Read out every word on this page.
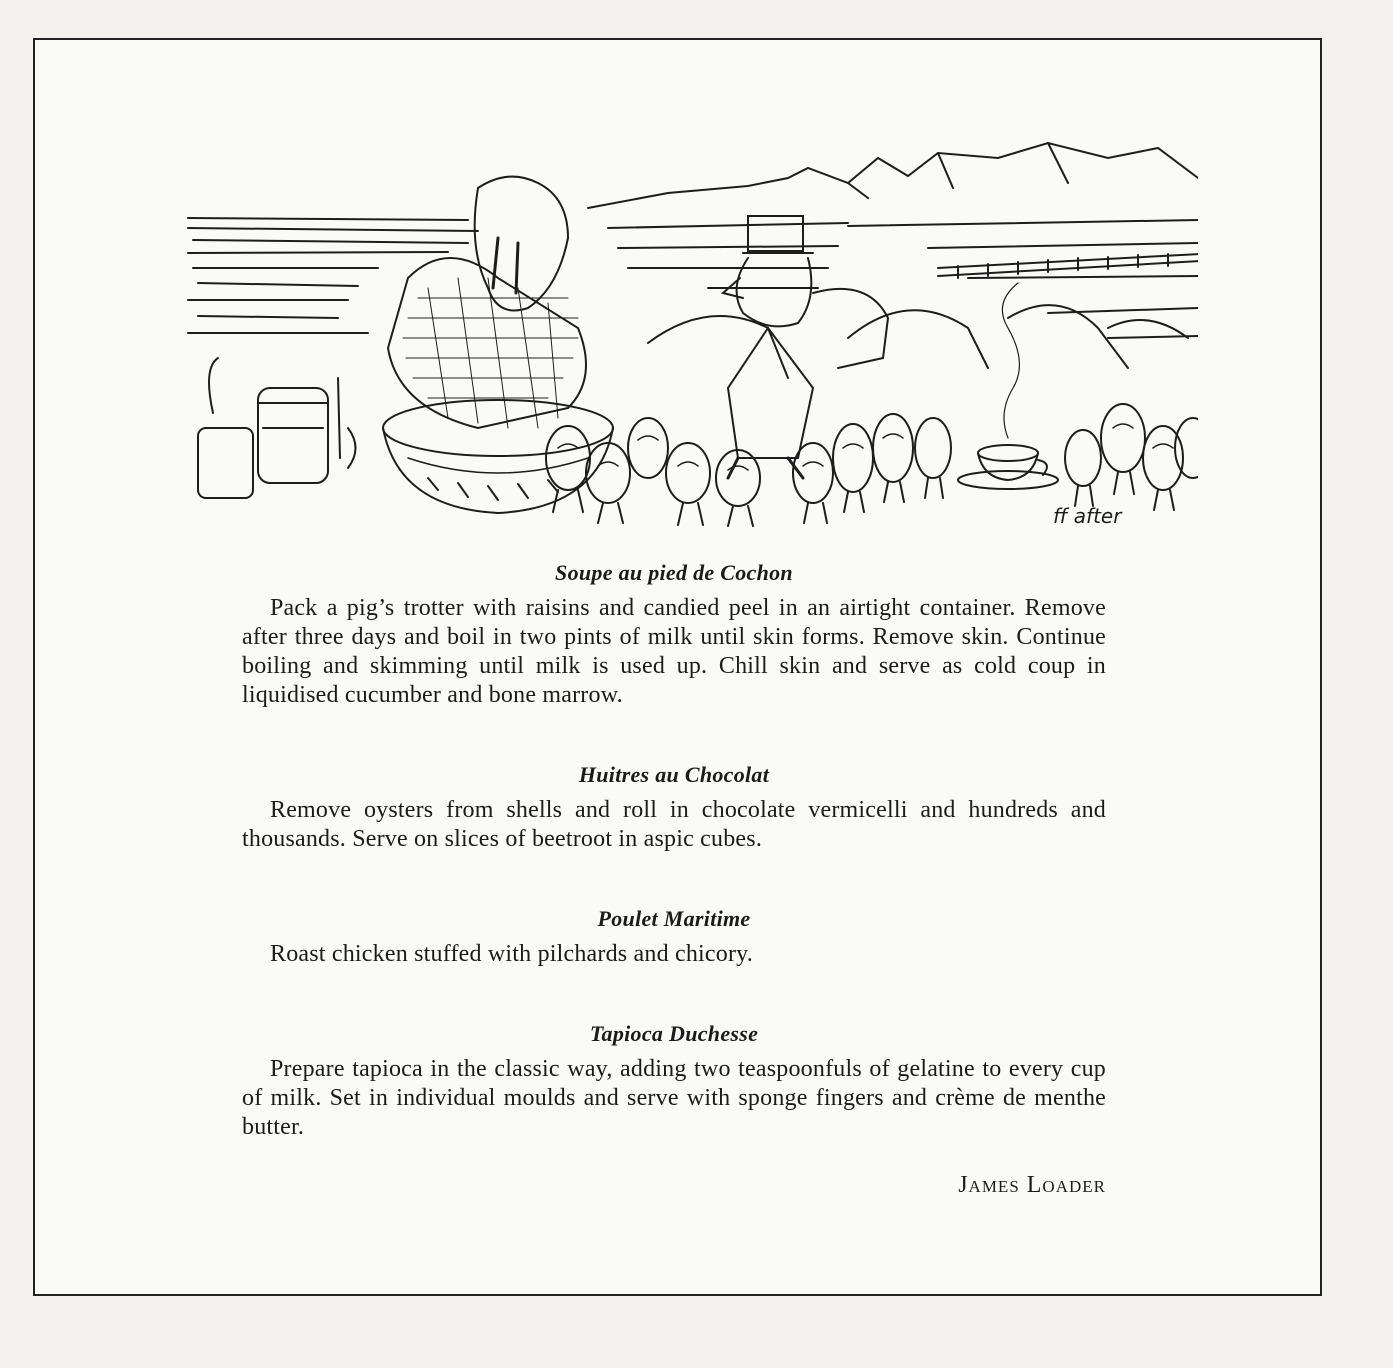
ff after
Soupe au pied de Cochon

Pack a pig’s trotter with raisins and candied peel in an airtight container. Remove after three days and boil in two pints of milk until skin forms. Remove skin. Continue boiling and skimming until milk is used up. Chill skin and serve as cold coup in liquidised cucumber and bone marrow.

Huitres au Chocolat

Remove oysters from shells and roll in chocolate vermicelli and hundreds and thousands. Serve on slices of beetroot in aspic cubes.

Poulet Maritime

Roast chicken stuffed with pilchards and chicory.

Tapioca Duchesse

Prepare tapioca in the classic way, adding two teaspoonfuls of gelatine to every cup of milk. Set in individual moulds and serve with sponge fingers and crème de menthe butter.

James Loader
